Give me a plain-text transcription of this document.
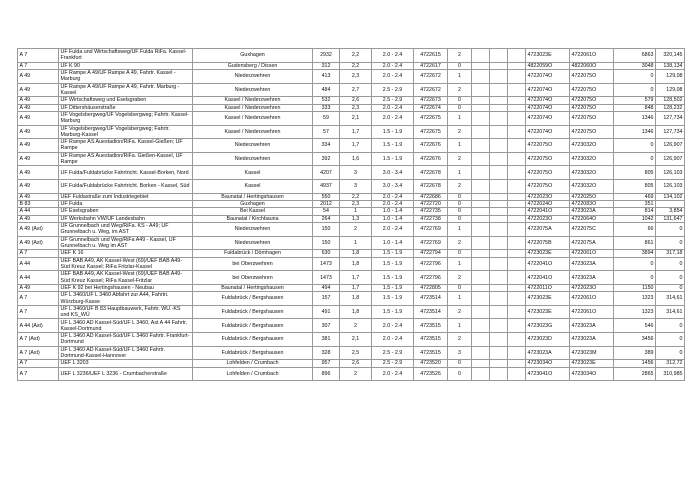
A 7	UF Fulda und Wirtschaftsweg/UF Fulda RiFa. Kassel-Frankfurt	Guxhagen	2932	2,2	2.0 - 2.4	4722615	2				4723023E	4722061O	6863	320,145
A 7	UF K 90	Gudensberg / Dissen	312	2,2	2.0 - 2.4	4722617	0				4822059O	4822060O	3048	138,134
A 49	UF Rampe A 49/UF Rampe A 49, Fahrtr. Kassel - Marburg	Niederzwehren	413	2,3	2.0 - 2.4	4722672	1				4722074O	4722075O	0	129,08
A 49	UF Rampe A 49/UF Rampe A 49, Fahrtr. Marburg - Kassel	Niederzwehren	484	2,7	2.5 - 2.9	4722672	2				4722074O	4722075O	0	129,08
A 49	UF Wirtschaftsweg und Eselsgraben	Kassel / Niederzwehren	532	2,6	2.5 - 2.9	4722673	0				4722074O	4722075O	579	128,502
A 49	UF Dittershäuserstraße	Kassel / Niederzwehren	333	2,3	2.0 - 2.4	4722674	0				4722074O	4722075O	848	128,232
A 49	UF Vogelsbergweg/UF Vogelsbergweg; Fahrtr. Kassel-Marburg	Kassel / Niederzwehren	59	2,1	2.0 - 2.4	4722675	1				4722074O	4722075O	1346	127,734
A 49	UF Vogelsbergweg/UF Vogelsbergweg; Fahrtr. Marburg-Kassel	Kassel / Niederzwehren	57	1,7	1.5 - 1.9	4722675	2				4722074O	4722075O	1346	127,734
A 49	UF Rampe AS Auestadion/RiFa. Kassel-Gießen; UF Rampe	Niederzwehren	334	1,7	1.5 - 1.9	4722676	1				4722075O	4723032O	0	126,907
A 49	UF Rampe AS Auestadion/RiFa. Gießen-Kassel, UF Rampe	Niederzwehren	392	1,6	1.5 - 1.9	4722676	2				4722075O	4723032O	0	126,907
A 49	UF Fulda/Fuldabrücke Fahrtricht. Kassel-Borken, Nord	Kassel	4207	3	3.0 - 3.4	4722678	1				4722075O	4723032O	805	126,103
A 49	UF Fulda/Fuldabrücke Fahrtricht. Borken - Kassel, Süd	Kassel	4937	3	3.0 - 3.4	4722678	2				4722075O	4723032O	805	126,103
A 49	UEF Fuldastraße zum Industriegebiet	Baunatal / Hertingshausen	550	2,2	2.0 - 2.4	4722686	0				4722023O	4722025O	469	134,102
B 83	UF Fulda	Guxhagen	2012	2,3	2.0 - 2.4	4722720	0				4722024O	4722083O	351	
A 44	UF Eselsgraben	Bei Kassel	54	1	1.0 - 1.4	4722735	0				4722041O	4723023A	814	3,854
A 49	UF Werksbahn VW/UF Landesbahn	Baunatal / Kirchbauna	264	1,3	1.0 - 1.4	4722738	0				4722023O	4722064O	1042	131,647
A 49 (Ast)	UF Grunnelbach und Weg/RiFa. KS - A49; UF Grunnelbach u. Weg, im AST	Niederzwehren	150	2	2.0 - 2.4	4722769	1				4722075A	4722075C	66	0
A 49 (Ast)	UF Grunnelbach und Weg/RiFa A49 - Kassel, UF Grunnelbach u. Weg im AST	Niederzwehren	150	1	1.0 - 1.4	4722769	2				4722075B	4722075A	861	0
A 7	UEF K 16	Fuldabrück / Dörnhagen	630	1,8	1.5 - 1.9	4722794	0				4723023E	4722061O	3894	317,18
A 44	UEF BAB A49, AK Kassel-West (69)/UEF BAB A49-Süd Kreuz Kassel; RiFa Fritzlar-Kassel	bei Oberzwehren	1473	1,8	1.5 - 1.9	4722796	1				4722041O	4723023A	0	0
A 44	UEF BAB A49, AK Kassel-West (69)/UEF BAB A49-Süd Kreuz Kassel; RiFa Kassel-Fritzlar	bei Oberzwehren	1473	1,7	1.5 - 1.9	4722796	2				4722041O	4723023A	0	0
A 49	UEF K 92 bei Hertingshausen - Neubau	Baunatal / Hertingshausen	494	1,7	1.5 - 1.9	4722805	0				4722011O	4722023O	1150	0
A 7	UF L 3460/UF L 3460 Abfahrt zur A44, Fahrtri. Würzburg-Kasse	Fuldabrück / Bergshausen	157	1,8	1.5 - 1.9	4723514	1				4723023E	4722061O	1323	314,61
A 7	UF L 3460/UF B 83 Hauptbauwerk, Fahrtr. WÜ.-KS und KS_WÜ	Fuldabrück / Bergshausen	491	1,8	1.5 - 1.9	4723514	2				4723023E	4722061O	1323	314,61
A 44 (Ast)	UF L 3460 AD Kassel-Süd/UF L 3460, Ast A 44 Fahrtr. Kassel-Dortmund	Fuldabrück / Bergshausen	307	2	2.0 - 2.4	4723515	1				4723023G	4723023A	546	0
A 7 (Ast)	UF L 3460 AD Kassel-Süd/UF L 3460 Fahrtr. Frankfurt-Dortmund	Fuldabrück / Bergshausen	381	2,1	2.0 - 2.4	4723515	2				4723023D	4723023A	3456	0
A 7 (Ast)	UF L 3460 AD Kassel-Süd/UF L 3460 Fahrtr. Dortmund-Kassel-Hannover	Fuldabrück / Bergshausen	328	2,5	2.5 - 2.9	4723515	3				4723023A	4723023M	389	0
A 7	UEF L 3203	Lohfelden / Crumbach	957	2,6	2.5 - 2.9	4723520	0				4723034O	4723023E	1456	312,72
A 7	UEF L 3236/UEF L 3236 - Crumbacherstraße	Lohfelden / Crumbach	896	2	2.0 - 2.4	4723526	0				4723041O	4723034O	2865	310,985
